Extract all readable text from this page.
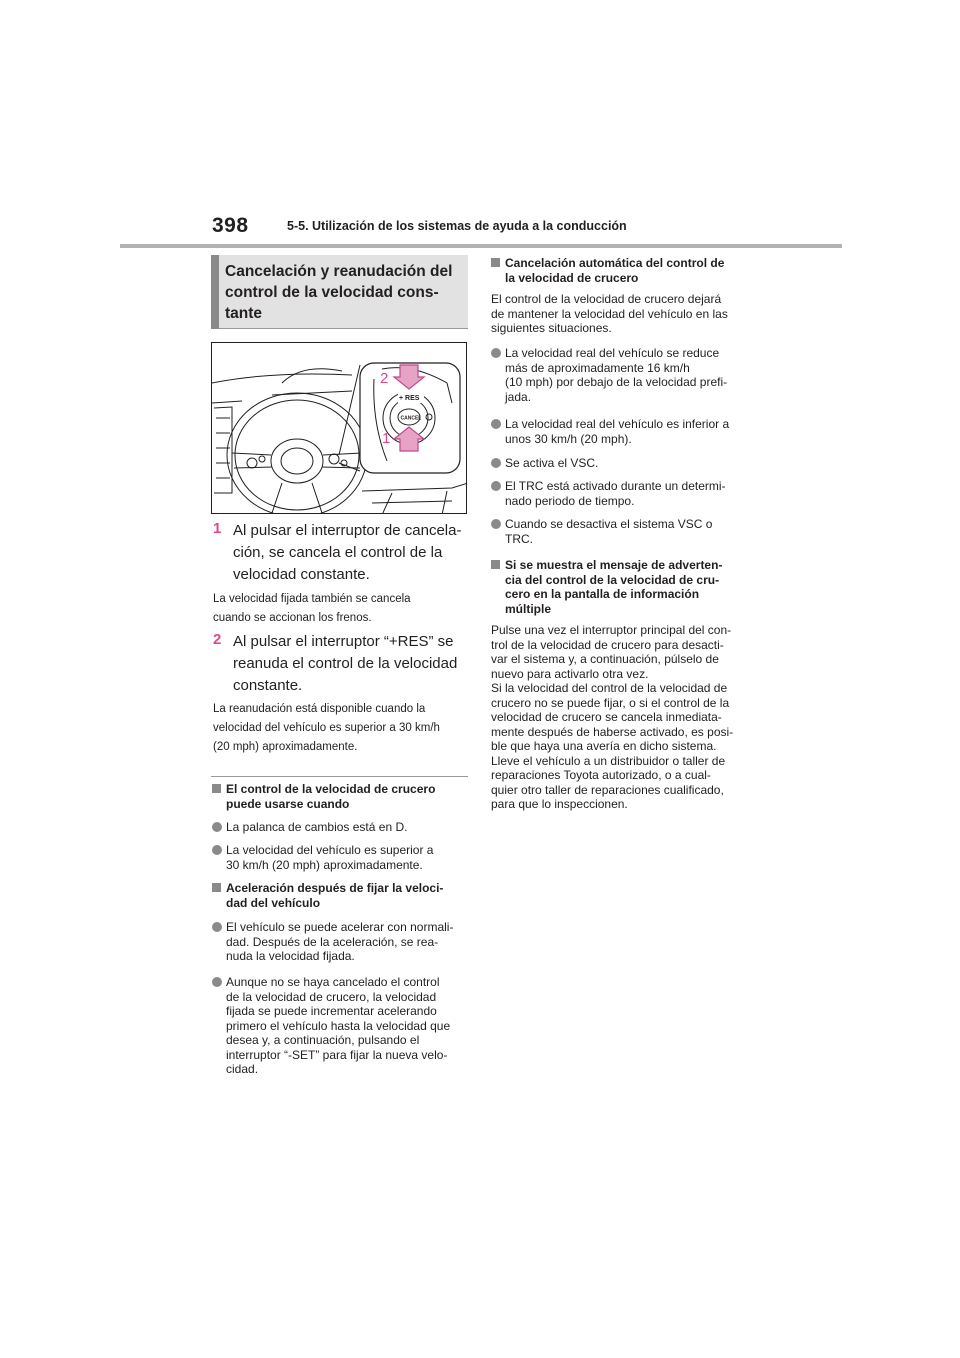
398	5-5. Utilización de los sistemas de ayuda a la conducción
Cancelación y reanudación del
control de la velocidad cons-
tante
+ RES
CANCEL
2
1
1 Al pulsar el interruptor de cancela-
ción, se cancela el control de la
velocidad constante.
La velocidad fijada también se cancela
cuando se accionan los frenos.
2 Al pulsar el interruptor “+RES” se
reanuda el control de la velocidad
constante.
La reanudación está disponible cuando la
velocidad del vehículo es superior a 30 km/h
(20 mph) aproximadamente.
El control de la velocidad de crucero
puede usarse cuando
La palanca de cambios está en D.
La velocidad del vehículo es superior a
30 km/h (20 mph) aproximadamente.
Aceleración después de fijar la veloci-
dad del vehículo
El vehículo se puede acelerar con normali-
dad. Después de la aceleración, se rea-
nuda la velocidad fijada.
Aunque no se haya cancelado el control
de la velocidad de crucero, la velocidad
fijada se puede incrementar acelerando
primero el vehículo hasta la velocidad que
desea y, a continuación, pulsando el
interruptor “-SET” para fijar la nueva velo-
cidad.
Cancelación automática del control de
la velocidad de crucero
El control de la velocidad de crucero dejará
de mantener la velocidad del vehículo en las
siguientes situaciones.
La velocidad real del vehículo se reduce
más de aproximadamente 16 km/h
(10 mph) por debajo de la velocidad prefi-
jada.
La velocidad real del vehículo es inferior a
unos 30 km/h (20 mph).
Se activa el VSC.
El TRC está activado durante un determi-
nado periodo de tiempo.
Cuando se desactiva el sistema VSC o
TRC.
Si se muestra el mensaje de adverten-
cia del control de la velocidad de cru-
cero en la pantalla de información
múltiple
Pulse una vez el interruptor principal del con-
trol de la velocidad de crucero para desacti-
var el sistema y, a continuación, púlselo de
nuevo para activarlo otra vez.
Si la velocidad del control de la velocidad de
crucero no se puede fijar, o si el control de la
velocidad de crucero se cancela inmediata-
mente después de haberse activado, es posi-
ble que haya una avería en dicho sistema.
Lleve el vehículo a un distribuidor o taller de
reparaciones Toyota autorizado, o a cual-
quier otro taller de reparaciones cualificado,
para que lo inspeccionen.
